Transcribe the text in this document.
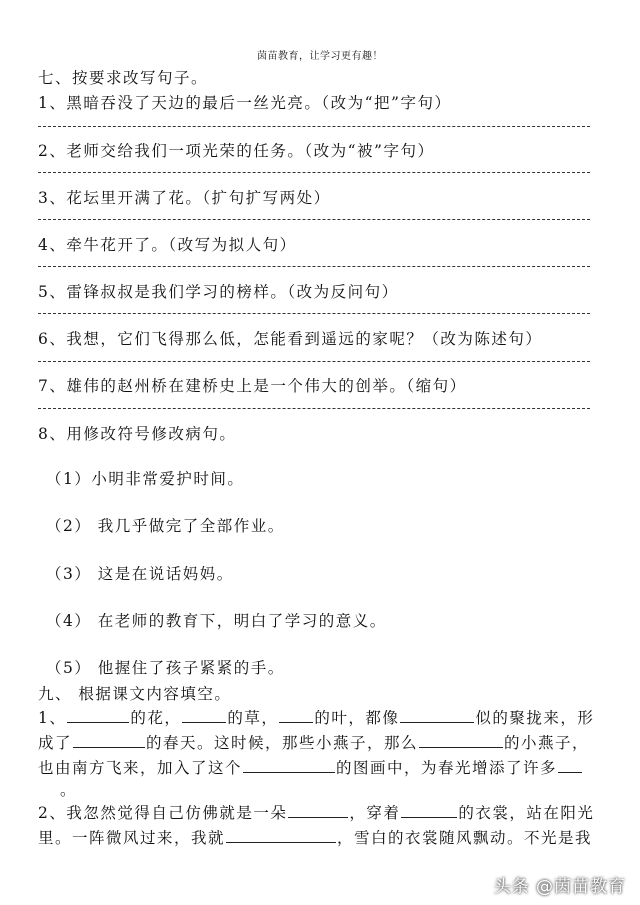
茵苗教育，让学习更有趣！
七、按要求改写句子。
1、黑暗吞没了天边的最后一丝光亮。（改为“把”字句）
2、老师交给我们一项光荣的任务。（改为“被”字句）
3、花坛里开满了花。（扩句扩写两处）
4、牵牛花开了。（改写为拟人句）
5、雷锋叔叔是我们学习的榜样。（改为反问句）
6、我想，它们飞得那么低，怎能看到遥远的家呢？（改为陈述句）
7、雄伟的赵州桥在建桥史上是一个伟大的创举。（缩句）
8、用修改符号修改病句。
（1）小明非常爱护时间。
（2） 我几乎做完了全部作业。
（3） 这是在说话妈妈。
（4） 在老师的教育下，明白了学习的意义。
（5） 他握住了孩子紧紧的手。
九、 根据课文内容填空。
1、	的花，	的草， 的叶，都像	似的聚拢来，形
成了	的春天。这时候，那些小燕子，那么	的小燕子，
也由南方飞来，加入了这个	的图画中，为春光增添了许多
。
2、我忽然觉得自己仿佛就是一朵	，穿着	的衣裳，站在阳光
里。一阵微风过来，我就	，雪白的衣裳随风飘动。不光是我
头条 @茵苗教育
